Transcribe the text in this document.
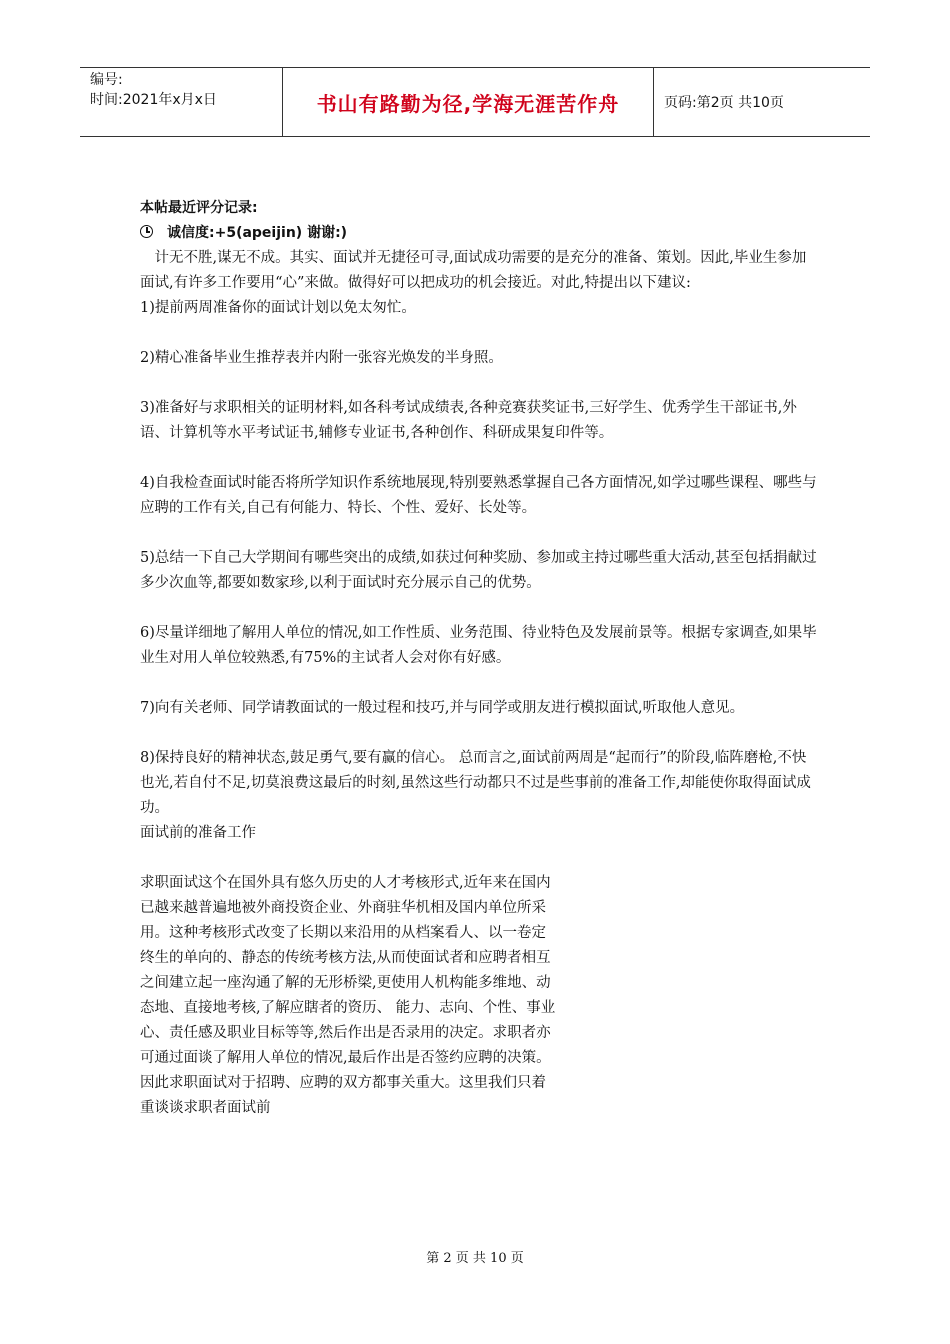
编号:
时间:2021年x月x日	书山有路勤为径,学海无涯苦作舟	页码:第2页 共10页

本帖最近评分记录:

诚信度:+5(apeijin) 谢谢:)

计无不胜,谋无不成。其实、面试并无捷径可寻,面试成功需要的是充分的准备、策划。因此,毕业生参加面试,有许多工作要用“心”来做。做得好可以把成功的机会接近。对此,特提出以下建议:

1)提前两周准备你的面试计划以免太匆忙。

2)精心准备毕业生推荐表并内附一张容光焕发的半身照。

3)准备好与求职相关的证明材料,如各科考试成绩表,各种竞赛获奖证书,三好学生、优秀学生干部证书,外语、计算机等水平考试证书,辅修专业证书,各种创作、科研成果复印件等。

4)自我检查面试时能否将所学知识作系统地展现,特别要熟悉掌握自己各方面情况,如学过哪些课程、哪些与应聘的工作有关,自己有何能力、特长、个性、爱好、长处等。

5)总结一下自己大学期间有哪些突出的成绩,如获过何种奖励、参加或主持过哪些重大活动,甚至包括捐献过多少次血等,都要如数家珍,以利于面试时充分展示自己的优势。

6)尽量详细地了解用人单位的情况,如工作性质、业务范围、待业特色及发展前景等。根据专家调查,如果毕业生对用人单位较熟悉,有75%的主试者人会对你有好感。

7)向有关老师、同学请教面试的一般过程和技巧,并与同学或朋友进行模拟面试,听取他人意见。

8)保持良好的精神状态,鼓足勇气,要有赢的信心。 总而言之,面试前两周是“起而行”的阶段,临阵磨枪,不快也光,若自付不足,切莫浪费这最后的时刻,虽然这些行动都只不过是些事前的准备工作,却能使你取得面试成功。

面试前的准备工作

求职面试这个在国外具有悠久历史的人才考核形式,近年来在国内已越来越普遍地被外商投资企业、外商驻华机相及国内单位所采用。这种考核形式改变了长期以来沿用的从档案看人、以一卷定终生的单向的、静态的传统考核方法,从而使面试者和应聘者相互之间建立起一座沟通了解的无形桥梁,更使用人机构能多维地、动态地、直接地考核,了解应瞎者的资历、 能力、志向、个性、事业心、责任感及职业目标等等,然后作出是否录用的决定。求职者亦可通过面谈了解用人单位的情况,最后作出是否签约应聘的决策。因此求职面试对于招聘、应聘的双方都事关重大。这里我们只着重谈谈求职者面试前

第 2 页 共 10 页
